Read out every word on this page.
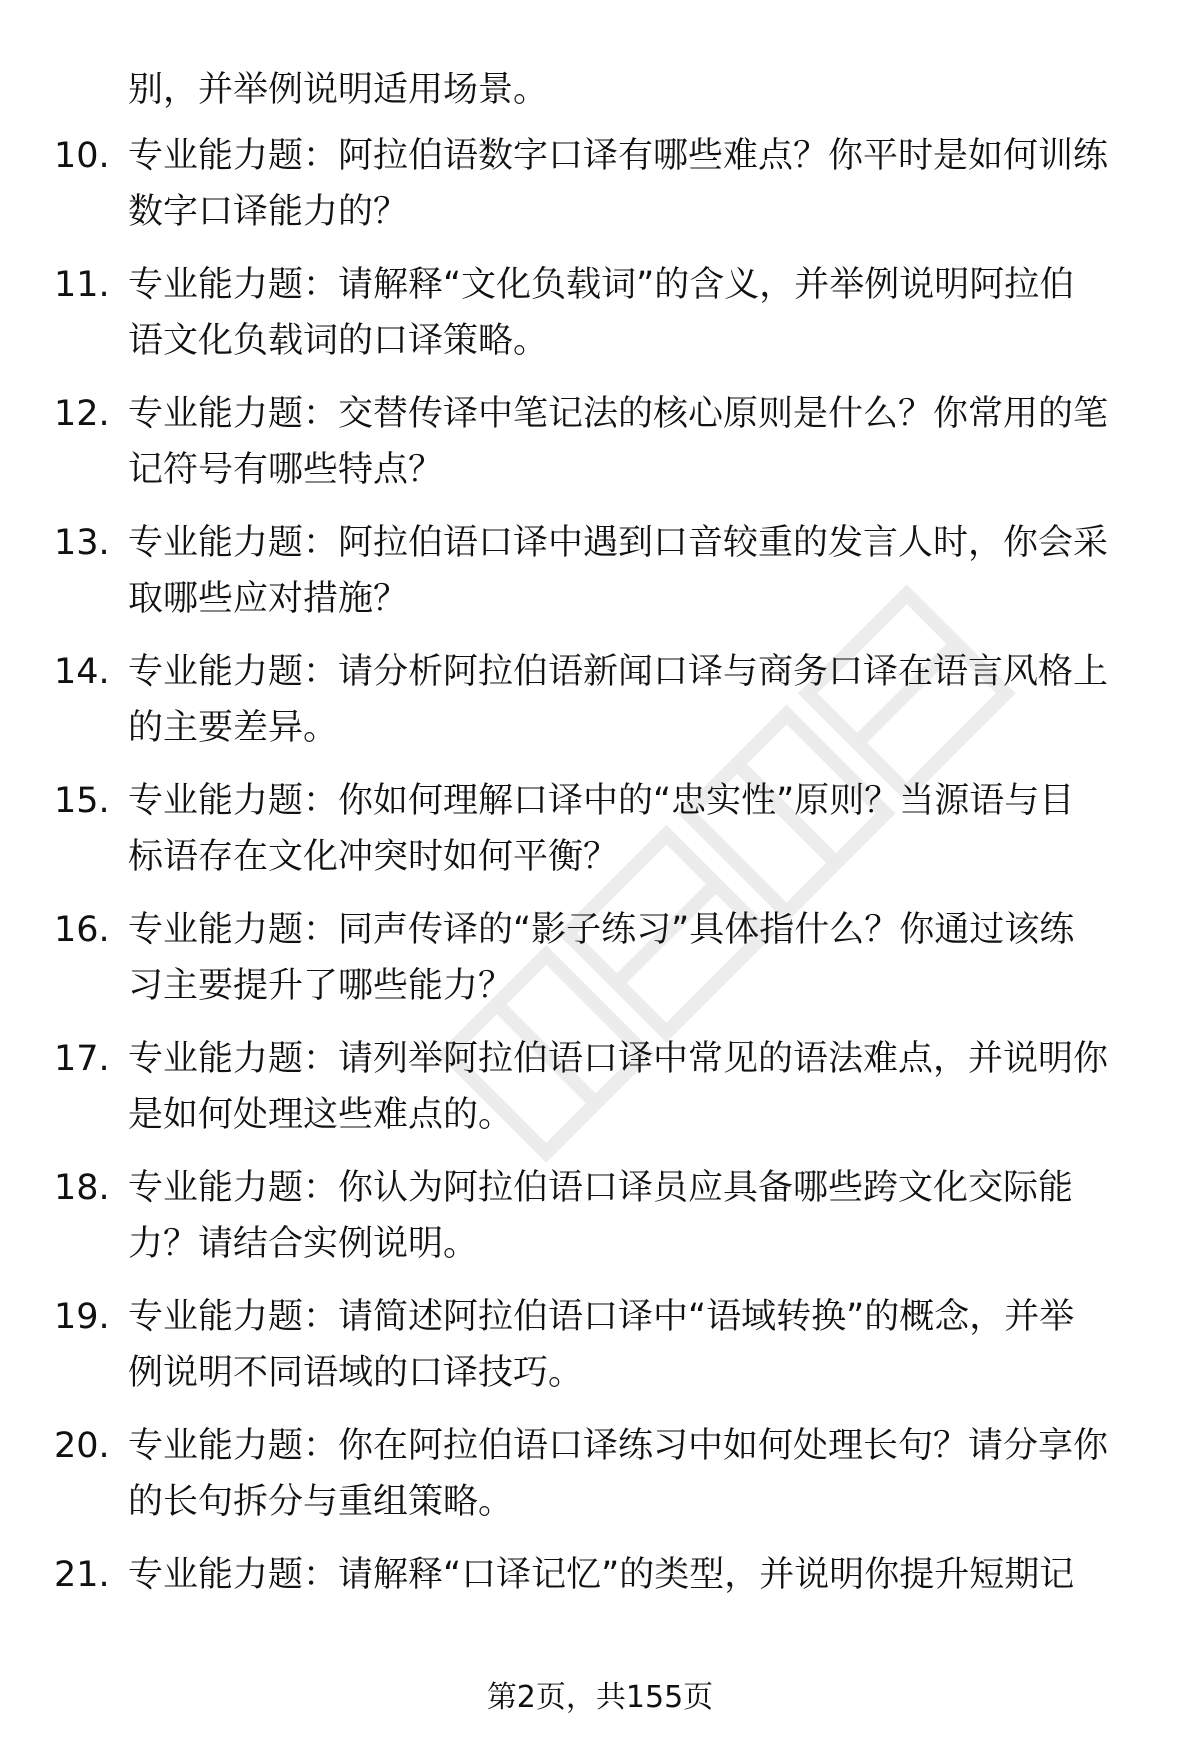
别，并举例说明适用场景。
10. 专业能力题：阿拉伯语数字口译有哪些难点？你平时是如何训练
数字口译能力的？
11. 专业能力题：请解释“文化负载词”的含义，并举例说明阿拉伯
语文化负载词的口译策略。
12. 专业能力题：交替传译中笔记法的核心原则是什么？你常用的笔
记符号有哪些特点？
13. 专业能力题：阿拉伯语口译中遇到口音较重的发言人时，你会采
取哪些应对措施？
14. 专业能力题：请分析阿拉伯语新闻口译与商务口译在语言风格上
的主要差异。
15. 专业能力题：你如何理解口译中的“忠实性”原则？当源语与目
标语存在文化冲突时如何平衡？
16. 专业能力题：同声传译的“影子练习”具体指什么？你通过该练
习主要提升了哪些能力？
17. 专业能力题：请列举阿拉伯语口译中常见的语法难点，并说明你
是如何处理这些难点的。
18. 专业能力题：你认为阿拉伯语口译员应具备哪些跨文化交际能
力？请结合实例说明。
19. 专业能力题：请简述阿拉伯语口译中“语域转换”的概念，并举
例说明不同语域的口译技巧。
20. 专业能力题：你在阿拉伯语口译练习中如何处理长句？请分享你
的长句拆分与重组策略。
21. 专业能力题：请解释“口译记忆”的类型，并说明你提升短期记
第2页，共155页
